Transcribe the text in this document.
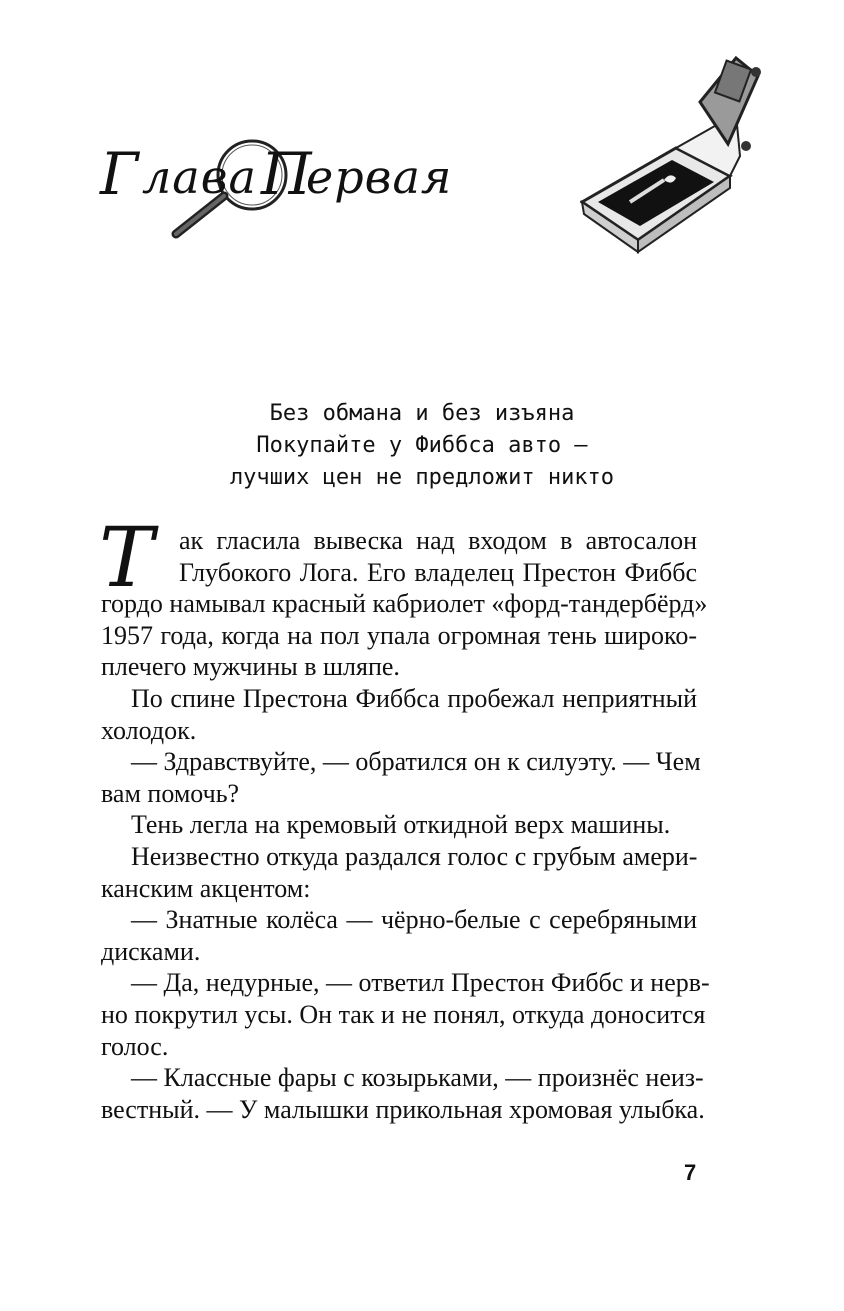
Г лава П
ервая
Без обмана и без изъяна
Покупайте у Фиббса авто —
лучших цен не предложит никто
Т ак гласила вывеска над входом в автосалон
Глубокого Лога. Его владелец Престон Фиббс
гордо намывал красный кабриолет «форд-тандербёрд»
1957 года, когда на пол упала огромная тень широко-
плечего мужчины в шляпе.
По спине Престона Фиббса пробежал неприятный
холодок.
— Здравствуйте, — обратился он к силуэту. — Чем
вам помочь?
Тень легла на кремовый откидной верх машины.
Неизвестно откуда раздался голос с грубым амери-
канским акцентом:
— Знатные колёса — чёрно-белые с серебряными
дисками.
— Да, недурные, — ответил Престон Фиббс и нерв-
но покрутил усы. Он так и не понял, откуда доносится
голос.
— Классные фары с козырьками, — произнёс неиз-
вестный. — У малышки прикольная хромовая улыбка.
7
